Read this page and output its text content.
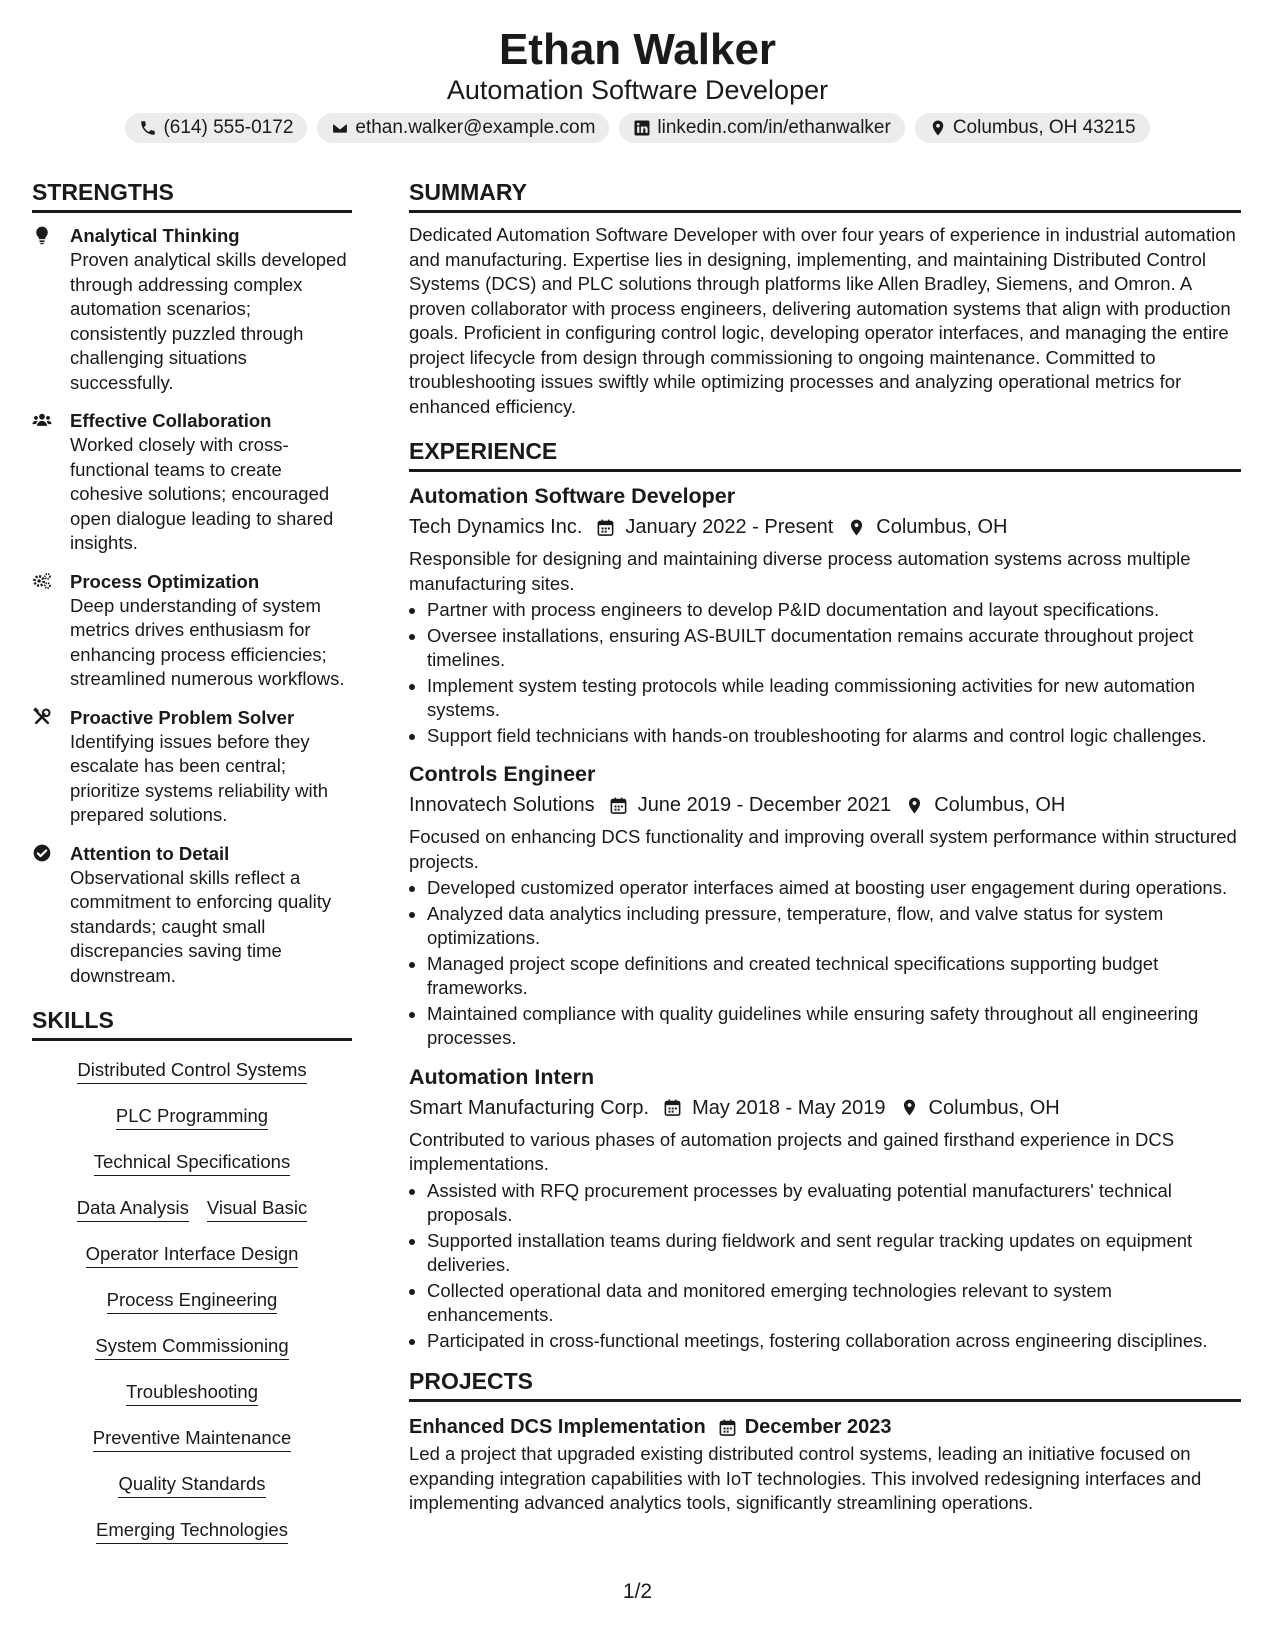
Ethan Walker
Automation Software Developer
(614) 555-0172	ethan.walker@example.com	linkedin.com/in/ethanwalker	Columbus, OH 43215
STRENGTHS
Analytical Thinking
Proven analytical skills developed through addressing complex automation scenarios; consistently puzzled through challenging situations successfully.
Effective Collaboration
Worked closely with cross-functional teams to create cohesive solutions; encouraged open dialogue leading to shared insights.
Process Optimization
Deep understanding of system metrics drives enthusiasm for enhancing process efficiencies; streamlined numerous workflows.
Proactive Problem Solver
Identifying issues before they escalate has been central; prioritize systems reliability with prepared solutions.
Attention to Detail
Observational skills reflect a commitment to enforcing quality standards; caught small discrepancies saving time downstream.
SKILLS
Distributed Control Systems
PLC Programming
Technical Specifications
Data Analysis Visual Basic
Operator Interface Design
Process Engineering
System Commissioning
Troubleshooting
Preventive Maintenance
Quality Standards
Emerging Technologies
SUMMARY
Dedicated Automation Software Developer with over four years of experience in industrial automation and manufacturing. Expertise lies in designing, implementing, and maintaining Distributed Control Systems (DCS) and PLC solutions through platforms like Allen Bradley, Siemens, and Omron. A proven collaborator with process engineers, delivering automation systems that align with production goals. Proficient in configuring control logic, developing operator interfaces, and managing the entire project lifecycle from design through commissioning to ongoing maintenance. Committed to troubleshooting issues swiftly while optimizing processes and analyzing operational metrics for enhanced efficiency.
EXPERIENCE
Automation Software Developer
Tech Dynamics Inc. January 2022 - Present Columbus, OH
Responsible for designing and maintaining diverse process automation systems across multiple manufacturing sites.
• Partner with process engineers to develop P&ID documentation and layout specifications.
• Oversee installations, ensuring AS-BUILT documentation remains accurate throughout project timelines.
• Implement system testing protocols while leading commissioning activities for new automation systems.
• Support field technicians with hands-on troubleshooting for alarms and control logic challenges.
Controls Engineer
Innovatech Solutions June 2019 - December 2021 Columbus, OH
Focused on enhancing DCS functionality and improving overall system performance within structured projects.
• Developed customized operator interfaces aimed at boosting user engagement during operations.
• Analyzed data analytics including pressure, temperature, flow, and valve status for system optimizations.
• Managed project scope definitions and created technical specifications supporting budget frameworks.
• Maintained compliance with quality guidelines while ensuring safety throughout all engineering processes.
Automation Intern
Smart Manufacturing Corp. May 2018 - May 2019 Columbus, OH
Contributed to various phases of automation projects and gained firsthand experience in DCS implementations.
• Assisted with RFQ procurement processes by evaluating potential manufacturers' technical proposals.
• Supported installation teams during fieldwork and sent regular tracking updates on equipment deliveries.
• Collected operational data and monitored emerging technologies relevant to system enhancements.
• Participated in cross-functional meetings, fostering collaboration across engineering disciplines.
PROJECTS
Enhanced DCS Implementation December 2023
Led a project that upgraded existing distributed control systems, leading an initiative focused on expanding integration capabilities with IoT technologies. This involved redesigning interfaces and implementing advanced analytics tools, significantly streamlining operations.
1/2
